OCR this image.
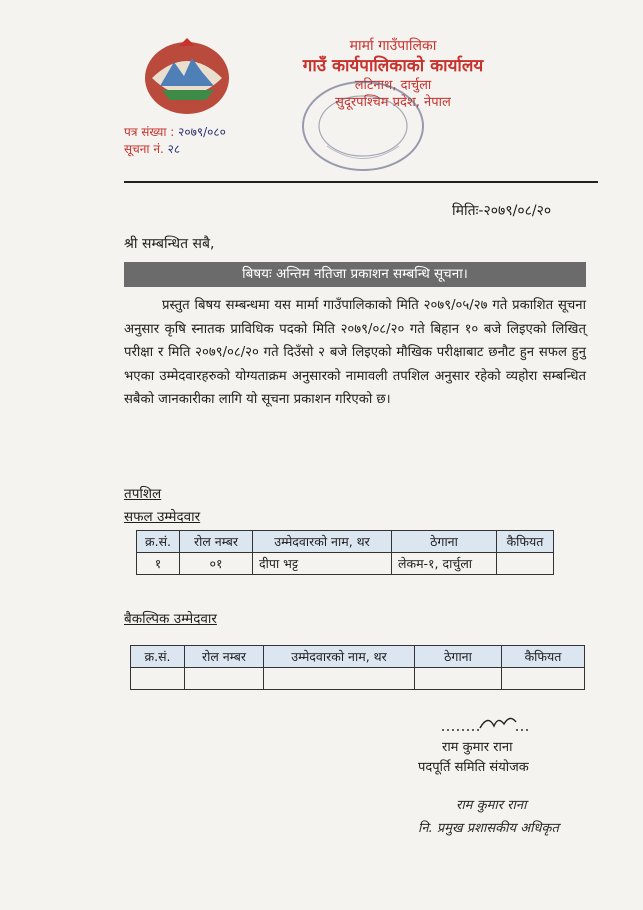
मार्मा गाउँपालिका
गाउँ कार्यपालिकाको कार्यालय
लटिनाथ, दार्चुला
सुदूरपश्चिम प्रदेश, नेपाल
पत्र संख्या : २०७९/०८०
सूचना नं. २८
मितिः-२०७९/०८/२०
श्री सम्बन्धित सबै,
बिषयः अन्तिम नतिजा प्रकाशन सम्बन्धि सूचना।
प्रस्तुत बिषय सम्बन्धमा यस मार्मा गाउँपालिकाको मिति २०७९/०५/२७ गते प्रकाशित सूचना अनुसार कृषि स्नातक प्राविधिक पदको मिति २०७९/०८/२० गते बिहान १० बजे लिइएको लिखित् परीक्षा र मिति २०७९/०८/२० गते दिउँसो २ बजे लिइएको मौखिक परीक्षाबाट छनौट हुन सफल हुनु भएका उम्मेदवारहरुको योग्यताक्रम अनुसारको नामावली तपशिल अनुसार रहेको व्यहोरा सम्बन्धित सबैको जानकारीका लागि यो सूचना प्रकाशन गरिएको छ।
तपशिल
सफल उम्मेदवार
क्र.सं.	रोल नम्बर	उम्मेदवारको नाम, थर	ठेगाना	कैफियत
१	०१	दीपा भट्ट	लेकम-१, दार्चुला	
बैकल्पिक उम्मेदवार
क्र.सं.	रोल नम्बर	उम्मेदवारको नाम, थर	ठेगाना	कैफियत

राम कुमार राना
पदपूर्ति समिति संयोजक
राम कुमार राना
नि. प्रमुख प्रशासकीय अधिकृत
